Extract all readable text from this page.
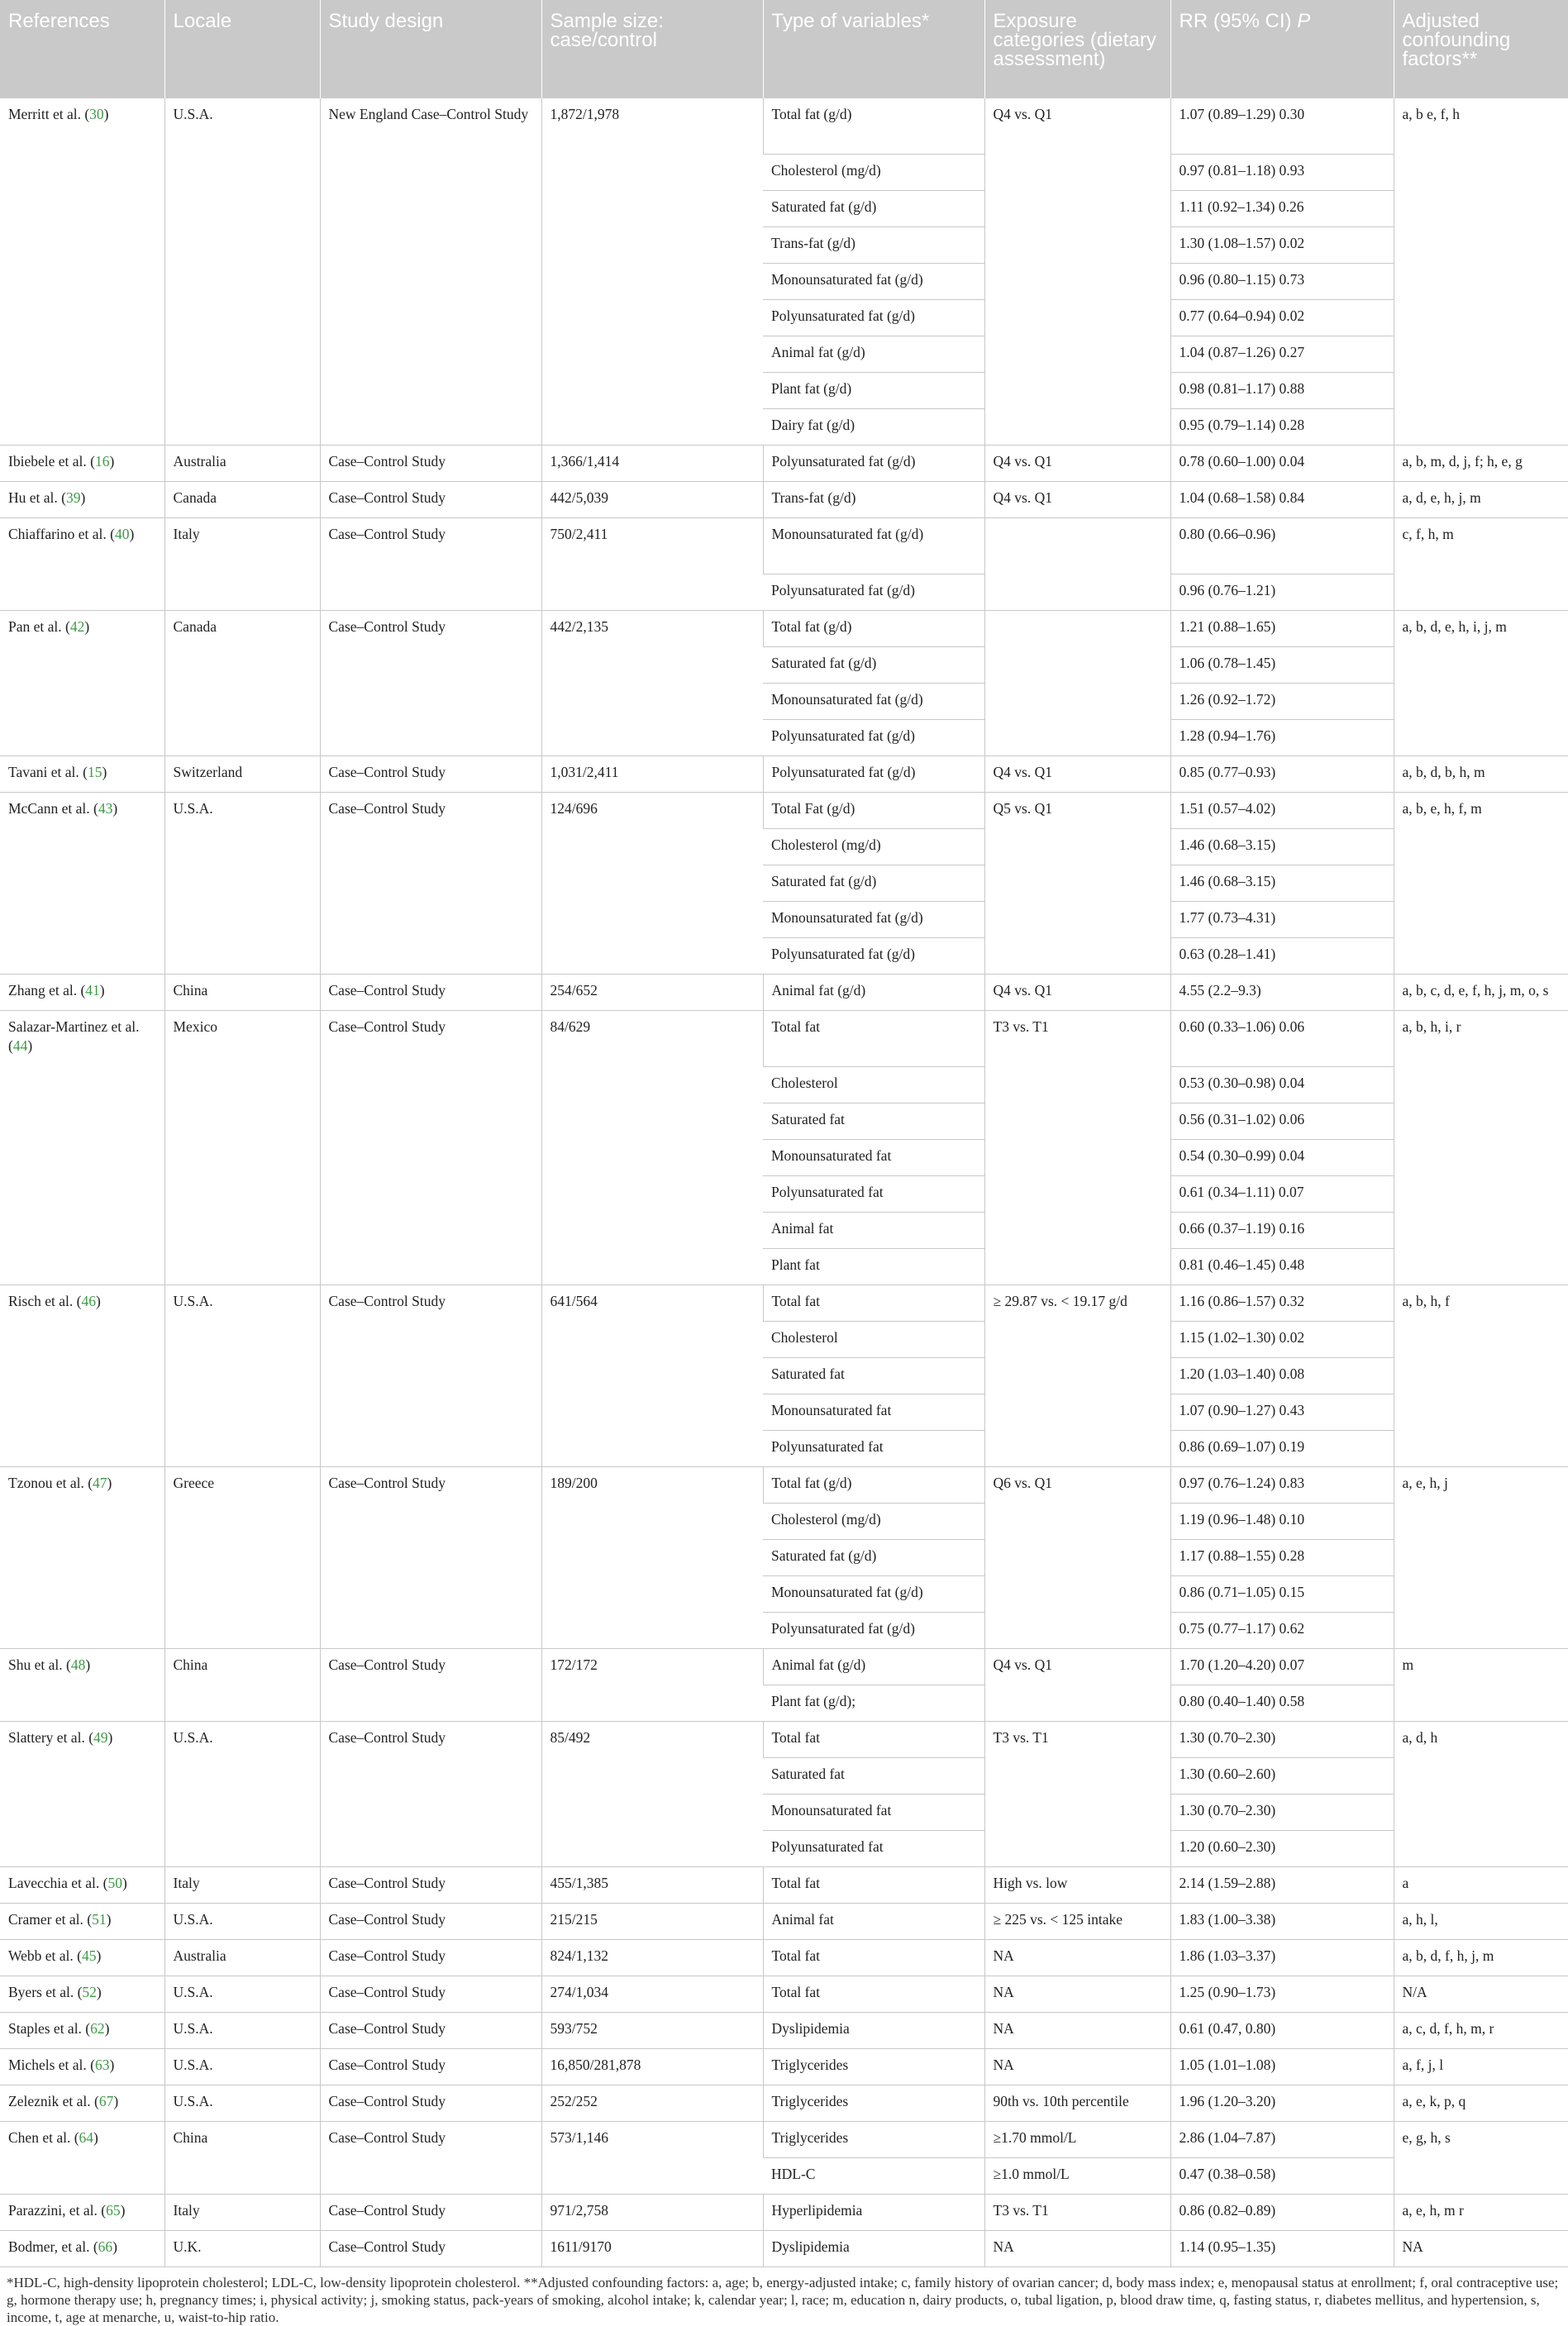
References	Locale	Study design	Sample size: case/control	Type of variables*	Exposure categories (dietary assessment)	RR (95% CI) P	Adjusted confounding factors**
Merritt et al. (30)	U.S.A.	New England Case–Control Study	1,872/1,978	Total fat (g/d)	Q4 vs. Q1	1.07 (0.89–1.29) 0.30	a, b e, f, h
				Cholesterol (mg/d)		0.97 (0.81–1.18) 0.93	
				Saturated fat (g/d)		1.11 (0.92–1.34) 0.26	
				Trans-fat (g/d)		1.30 (1.08–1.57) 0.02	
				Monounsaturated fat (g/d)		0.96 (0.80–1.15) 0.73	
				Polyunsaturated fat (g/d)		0.77 (0.64–0.94) 0.02	
				Animal fat (g/d)		1.04 (0.87–1.26) 0.27	
				Plant fat (g/d)		0.98 (0.81–1.17) 0.88	
				Dairy fat (g/d)		0.95 (0.79–1.14) 0.28	
Ibiebele et al. (16)	Australia	Case–Control Study	1,366/1,414	Polyunsaturated fat (g/d)	Q4 vs. Q1	0.78 (0.60–1.00) 0.04	a, b, m, d, j, f; h, e, g
Hu et al. (39)	Canada	Case–Control Study	442/5,039	Trans-fat (g/d)	Q4 vs. Q1	1.04 (0.68–1.58) 0.84	a, d, e, h, j, m
Chiaffarino et al. (40)	Italy	Case–Control Study	750/2,411	Monounsaturated fat (g/d)		0.80 (0.66–0.96)	c, f, h, m
				Polyunsaturated fat (g/d)		0.96 (0.76–1.21)	
Pan et al. (42)	Canada	Case–Control Study	442/2,135	Total fat (g/d)		1.21 (0.88–1.65)	a, b, d, e, h, i, j, m
				Saturated fat (g/d)		1.06 (0.78–1.45)	
				Monounsaturated fat (g/d)		1.26 (0.92–1.72)	
				Polyunsaturated fat (g/d)		1.28 (0.94–1.76)	
Tavani et al. (15)	Switzerland	Case–Control Study	1,031/2,411	Polyunsaturated fat (g/d)	Q4 vs. Q1	0.85 (0.77–0.93)	a, b, d, b, h, m
McCann et al. (43)	U.S.A.	Case–Control Study	124/696	Total Fat (g/d)	Q5 vs. Q1	1.51 (0.57–4.02)	a, b, e, h, f, m
				Cholesterol (mg/d)		1.46 (0.68–3.15)	
				Saturated fat (g/d)		1.46 (0.68–3.15)	
				Monounsaturated fat (g/d)		1.77 (0.73–4.31)	
				Polyunsaturated fat (g/d)		0.63 (0.28–1.41)	
Zhang et al. (41)	China	Case–Control Study	254/652	Animal fat (g/d)	Q4 vs. Q1	4.55 (2.2–9.3)	a, b, c, d, e, f, h, j, m, o, s
Salazar-Martinez et al. (44)	Mexico	Case–Control Study	84/629	Total fat	T3 vs. T1	0.60 (0.33–1.06) 0.06	a, b, h, i, r
				Cholesterol		0.53 (0.30–0.98) 0.04	
				Saturated fat		0.56 (0.31–1.02) 0.06	
				Monounsaturated fat		0.54 (0.30–0.99) 0.04	
				Polyunsaturated fat		0.61 (0.34–1.11) 0.07	
				Animal fat		0.66 (0.37–1.19) 0.16	
				Plant fat		0.81 (0.46–1.45) 0.48	
Risch et al. (46)	U.S.A.	Case–Control Study	641/564	Total fat	≥ 29.87 vs. < 19.17 g/d	1.16 (0.86–1.57) 0.32	a, b, h, f
				Cholesterol		1.15 (1.02–1.30) 0.02	
				Saturated fat		1.20 (1.03–1.40) 0.08	
				Monounsaturated fat		1.07 (0.90–1.27) 0.43	
				Polyunsaturated fat		0.86 (0.69–1.07) 0.19	
Tzonou et al. (47)	Greece	Case–Control Study	189/200	Total fat (g/d)	Q6 vs. Q1	0.97 (0.76–1.24) 0.83	a, e, h, j
				Cholesterol (mg/d)		1.19 (0.96–1.48) 0.10	
				Saturated fat (g/d)		1.17 (0.88–1.55) 0.28	
				Monounsaturated fat (g/d)		0.86 (0.71–1.05) 0.15	
				Polyunsaturated fat (g/d)		0.75 (0.77–1.17) 0.62	
Shu et al. (48)	China	Case–Control Study	172/172	Animal fat (g/d)	Q4 vs. Q1	1.70 (1.20–4.20) 0.07	m
				Plant fat (g/d);		0.80 (0.40–1.40) 0.58	
Slattery et al. (49)	U.S.A.	Case–Control Study	85/492	Total fat	T3 vs. T1	1.30 (0.70–2.30)	a, d, h
				Saturated fat		1.30 (0.60–2.60)	
				Monounsaturated fat		1.30 (0.70–2.30)	
				Polyunsaturated fat		1.20 (0.60–2.30)	
Lavecchia et al. (50)	Italy	Case–Control Study	455/1,385	Total fat	High vs. low	2.14 (1.59–2.88)	a
Cramer et al. (51)	U.S.A.	Case–Control Study	215/215	Animal fat	≥ 225 vs. < 125 intake	1.83 (1.00–3.38)	a, h, l,
Webb et al. (45)	Australia	Case–Control Study	824/1,132	Total fat	NA	1.86 (1.03–3.37)	a, b, d, f, h, j, m
Byers et al. (52)	U.S.A.	Case–Control Study	274/1,034	Total fat	NA	1.25 (0.90–1.73)	N/A
Staples et al. (62)	U.S.A.	Case–Control Study	593/752	Dyslipidemia	NA	0.61 (0.47, 0.80)	a, c, d, f, h, m, r
Michels et al. (63)	U.S.A.	Case–Control Study	16,850/281,878	Triglycerides	NA	1.05 (1.01–1.08)	a, f, j, l
Zeleznik et al. (67)	U.S.A.	Case–Control Study	252/252	Triglycerides	90th vs. 10th percentile	1.96 (1.20–3.20)	a, e, k, p, q
Chen et al. (64)	China	Case–Control Study	573/1,146	Triglycerides	≥1.70 mmol/L	2.86 (1.04–7.87)	e, g, h, s
				HDL-C	≥1.0 mmol/L	0.47 (0.38–0.58)	
Parazzini, et al. (65)	Italy	Case–Control Study	971/2,758	Hyperlipidemia	T3 vs. T1	0.86 (0.82–0.89)	a, e, h, m r
Bodmer, et al. (66)	U.K.	Case–Control Study	1611/9170	Dyslipidemia	NA	1.14 (0.95–1.35)	NA
*HDL-C, high-density lipoprotein cholesterol; LDL-C, low-density lipoprotein cholesterol. **Adjusted confounding factors: a, age; b, energy-adjusted intake; c, family history of ovarian cancer; d, body mass index; e, menopausal status at enrollment; f, oral contraceptive use; g, hormone therapy use; h, pregnancy times; i, physical activity; j, smoking status, pack-years of smoking, alcohol intake; k, calendar year; l, race; m, education n, dairy products, o, tubal ligation, p, blood draw time, q, fasting status, r, diabetes mellitus, and hypertension, s, income, t, age at menarche, u, waist-to-hip ratio.
